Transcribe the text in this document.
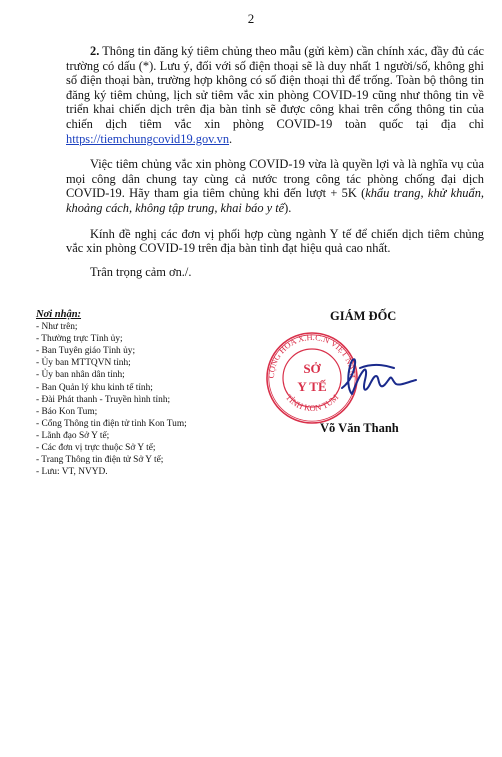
2

2. Thông tin đăng ký tiêm chủng theo mẫu (gửi kèm) cần chính xác, đầy đủ các trường có dấu (*). Lưu ý, đối với số điện thoại sẽ là duy nhất 1 người/số, không ghi số điện thoại bàn, trường hợp không có số điện thoại thì để trống. Toàn bộ thông tin đăng ký tiêm chủng, lịch sử tiêm vắc xin phòng COVID-19 cũng như thông tin về triển khai chiến dịch trên địa bàn tỉnh sẽ được công khai trên cổng thông tin của chiến dịch tiêm vắc xin phòng COVID-19 toàn quốc tại địa chỉ https://tiemchungcovid19.gov.vn.

Việc tiêm chủng vắc xin phòng COVID-19 vừa là quyền lợi và là nghĩa vụ của mọi công dân chung tay cùng cả nước trong công tác phòng chống đại dịch COVID-19. Hãy tham gia tiêm chủng khi đến lượt + 5K (khẩu trang, khử khuẩn, khoảng cách, không tập trung, khai báo y tế).

Kính đề nghị các đơn vị phối hợp cùng ngành Y tế để chiến dịch tiêm chủng vắc xin phòng COVID-19 trên địa bàn tỉnh đạt hiệu quả cao nhất.

Trân trọng cảm ơn./.

Nơi nhận:
- Như trên;
- Thường trực Tỉnh ủy;
- Ban Tuyên giáo Tỉnh ủy;
- Ủy ban MTTQVN tỉnh;
- Ủy ban nhân dân tỉnh;
- Ban Quản lý khu kinh tế tỉnh;
- Đài Phát thanh - Truyền hình tỉnh;
- Báo Kon Tum;
- Cổng Thông tin điện tử tỉnh Kon Tum;
- Lãnh đạo Sở Y tế;
- Các đơn vị trực thuộc Sở Y tế;
- Trang Thông tin điện tử Sở Y tế;
- Lưu: VT, NVYD.
GIÁM ĐỐC
CỘNG HÒA X.H.C.N VIỆT NAM
TỈNH KON TUM
SỞ
Y TẾ
Võ Văn Thanh
